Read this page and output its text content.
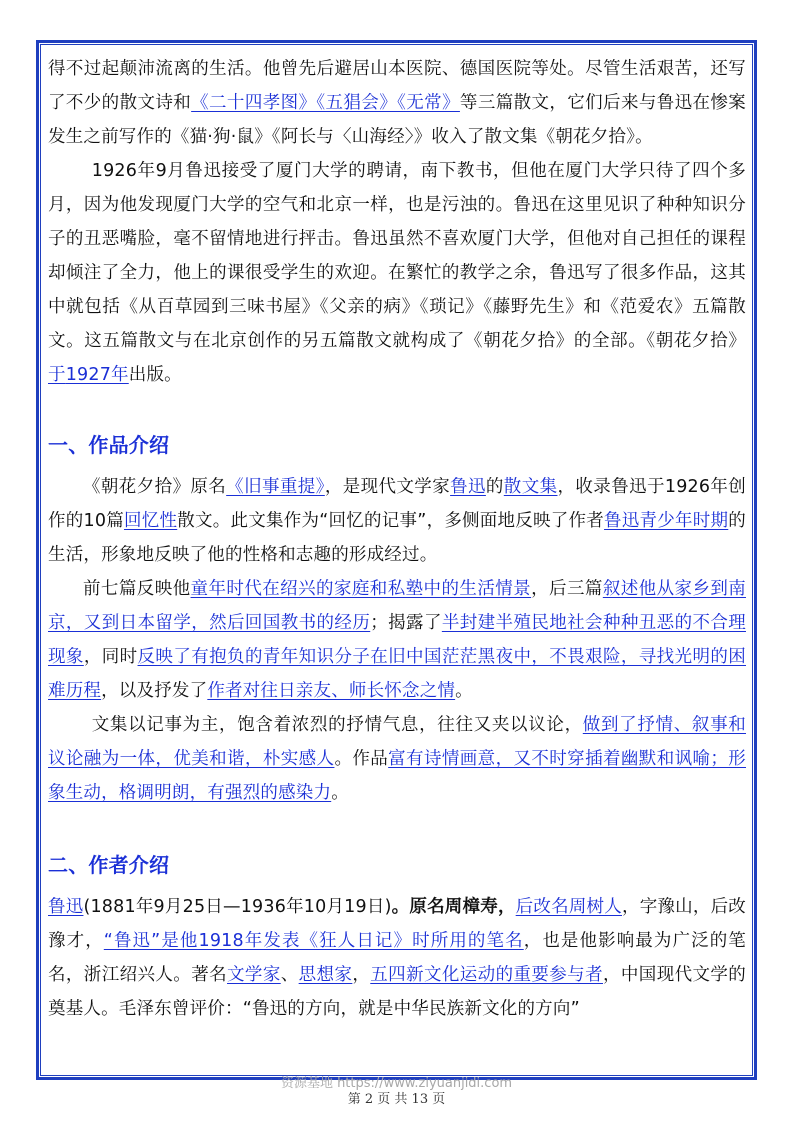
得不过起颠沛流离的生活。他曾先后避居山本医院、德国医院等处。尽管生活艰苦，还写了不少的散文诗和《二十四孝图》《五猖会》《无常》等三篇散文，它们后来与鲁迅在惨案发生之前写作的《猫·狗·鼠》《阿长与〈山海经〉》收入了散文集《朝花夕拾》。

1926年9月鲁迅接受了厦门大学的聘请，南下教书，但他在厦门大学只待了四个多月，因为他发现厦门大学的空气和北京一样，也是污浊的。鲁迅在这里见识了种种知识分子的丑恶嘴脸，毫不留情地进行抨击。鲁迅虽然不喜欢厦门大学，但他对自己担任的课程却倾注了全力，他上的课很受学生的欢迎。在繁忙的教学之余，鲁迅写了很多作品，这其中就包括《从百草园到三味书屋》《父亲的病》《琐记》《藤野先生》和《范爱农》五篇散文。这五篇散文与在北京创作的另五篇散文就构成了《朝花夕拾》的全部。《朝花夕拾》于1927年出版。

一、作品介绍

《朝花夕拾》原名《旧事重提》，是现代文学家鲁迅的散文集，收录鲁迅于1926年创作的10篇回忆性散文。此文集作为“回忆的记事”，多侧面地反映了作者鲁迅青少年时期的生活，形象地反映了他的性格和志趣的形成经过。

前七篇反映他童年时代在绍兴的家庭和私塾中的生活情景，后三篇叙述他从家乡到南京，又到日本留学，然后回国教书的经历；揭露了半封建半殖民地社会种种丑恶的不合理现象，同时反映了有抱负的青年知识分子在旧中国茫茫黑夜中，不畏艰险，寻找光明的困难历程，以及抒发了作者对往日亲友、师长怀念之情。

文集以记事为主，饱含着浓烈的抒情气息，往往又夹以议论，做到了抒情、叙事和议论融为一体，优美和谐，朴实感人。作品富有诗情画意，又不时穿插着幽默和讽喻；形象生动，格调明朗，有强烈的感染力。

二、作者介绍

鲁迅(1881年9月25日—1936年10月19日)。原名周樟寿，后改名周树人，字豫山，后改豫才，“鲁迅”是他1918年发表《狂人日记》时所用的笔名，也是他影响最为广泛的笔名，浙江绍兴人。著名文学家、思想家，五四新文化运动的重要参与者，中国现代文学的奠基人。毛泽东曾评价：“鲁迅的方向，就是中华民族新文化的方向”

资源基地 https://www.ziyuanjidi.com
第 2 页 共 13 页
